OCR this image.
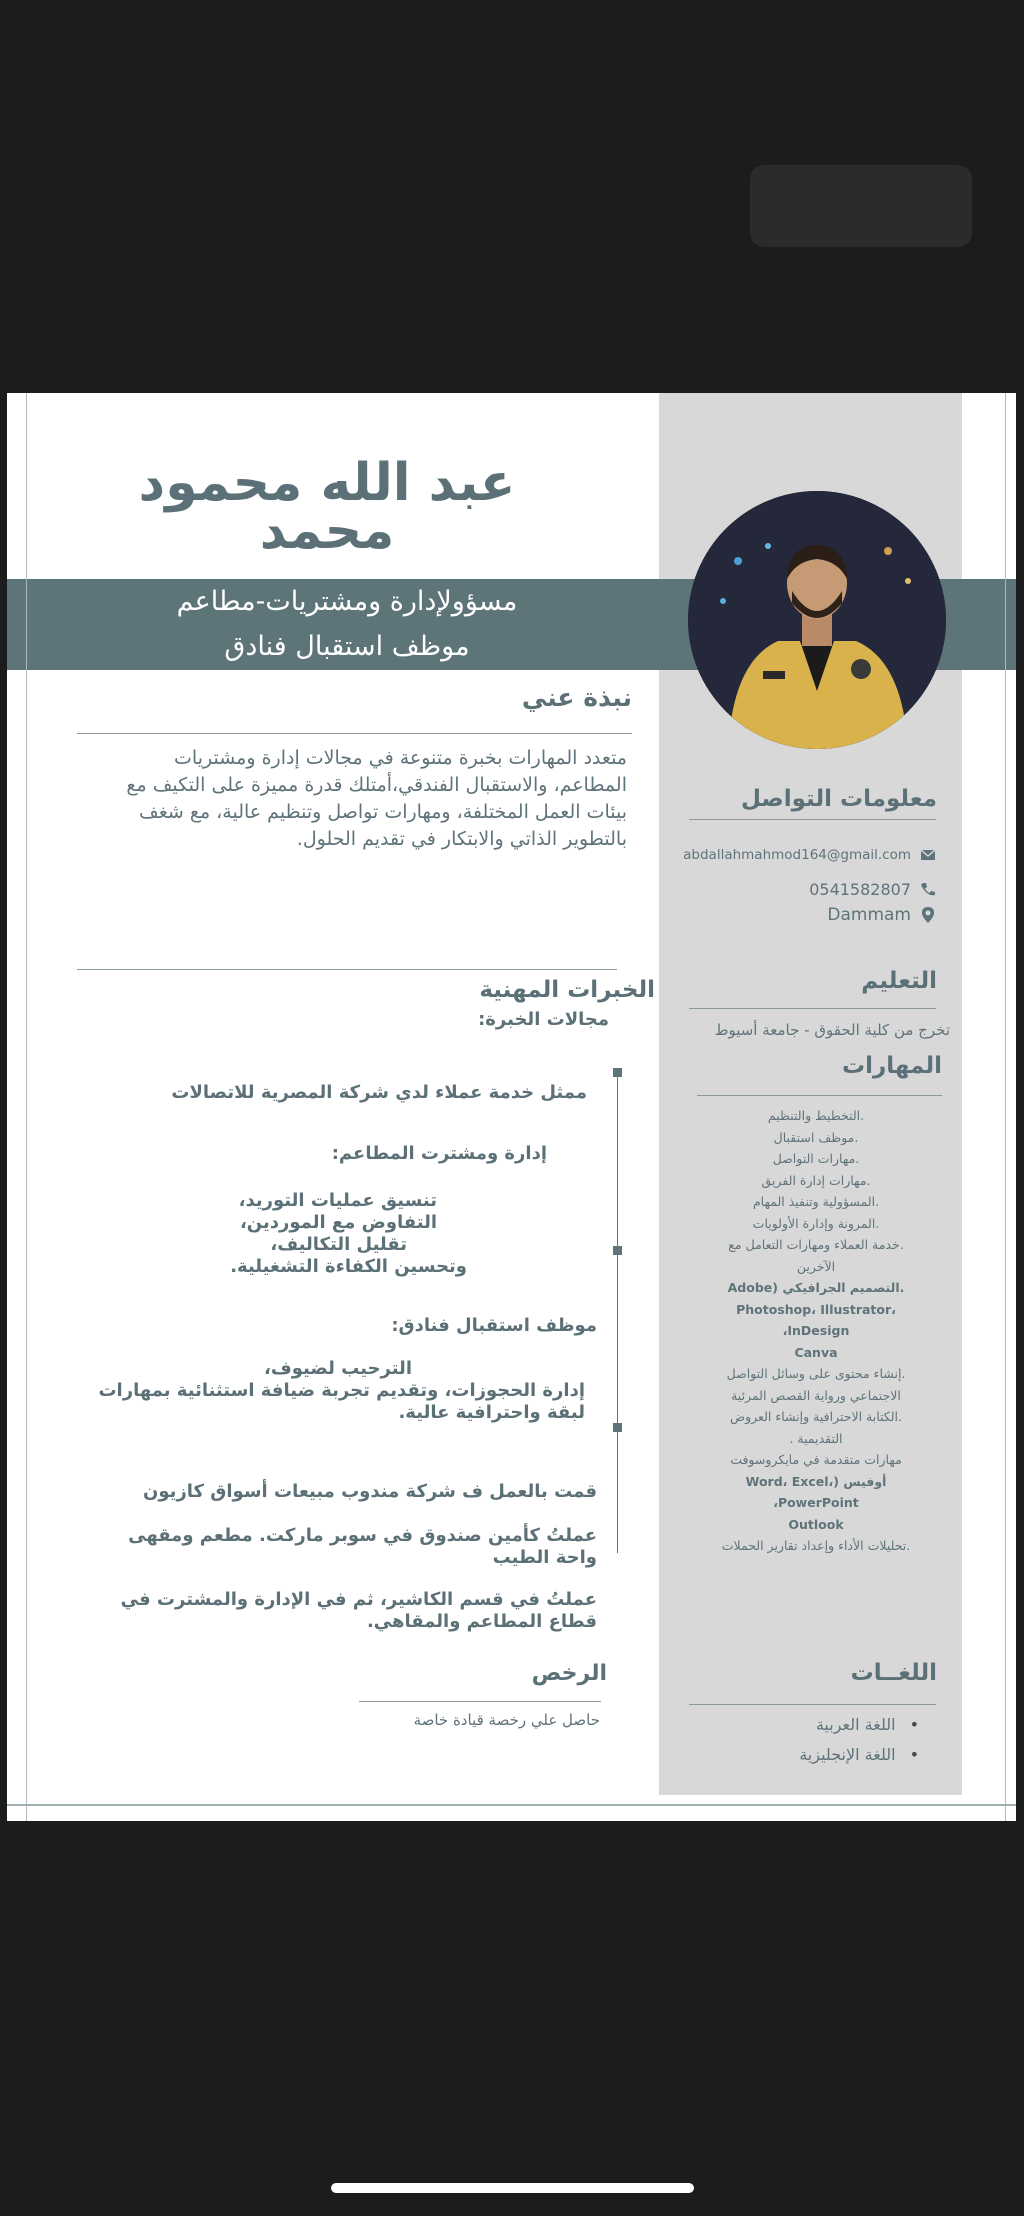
عبد الله محمود محمد
مسؤولإدارة ومشتريات-مطاعم
موظف استقبال فنادق
نبذة عني
متعدد المهارات بخبرة متنوعة في مجالات إدارة ومشتريات المطاعم، والاستقبال الفندقي،أمتلك قدرة مميزة على التكيف مع بيئات العمل المختلفة، ومهارات تواصل وتنظيم عالية، مع شغف بالتطوير الذاتي والابتكار في تقديم الحلول.
الخبرات المهنية
مجالات الخبرة:
ممثل خدمة عملاء لدي شركة المصرية للاتصالات
إدارة ومشترت المطاعم:
تنسيق عمليات التوريد،
التفاوض مع الموردين،
تقليل التكاليف،
وتحسين الكفاءة التشغيلية.
موظف استقبال فنادق:
الترحيب لضيوف،
إدارة الحجوزات، وتقديم تجربة ضيافة استثنائية بمهارات لبقة واحترافية عالية.
قمت بالعمل ف شركة مندوب مبيعات أسواق كازيون
عملتُ كأمين صندوق في سوبر ماركت. مطعم ومقهى واحة الطيب
عملتُ في قسم الكاشير، ثم في الإدارة والمشترت في قطاع المطاعم والمقاهي.
الرخص
حاصل علي رخصة قيادة خاصة
معلومات التواصل
abdallahmahmod164@gmail.com
0541582807
Dammam
التعليم
تخرج من كلية الحقوق - جامعة أسيوط
المهارات
.التخطيط والتنظيم
.موظف استقبال
.مهارات التواصل
.مهارات إدارة الفريق
.المسؤولية وتنفيذ المهام
.المرونة وإدارة الأولويات
.خدمة العملاء ومهارات التعامل مع
الآخرين
.التصميم الجرافيكي (Adobe
Photoshop، Illustrator، InDesign،
Canva
.إنشاء محتوى على وسائل التواصل
الاجتماعي ورواية القصص المرئية
.الكتابة الاحترافية وإنشاء العروض
التقديمية .
مهارات متقدمة في مايكروسوفت
أوفيس (Word، Excel، PowerPoint،
Outlook
.تحليلات الأداء وإعداد تقارير الحملات
اللغــات
• اللغة العربية
• اللغة الإنجليزية
